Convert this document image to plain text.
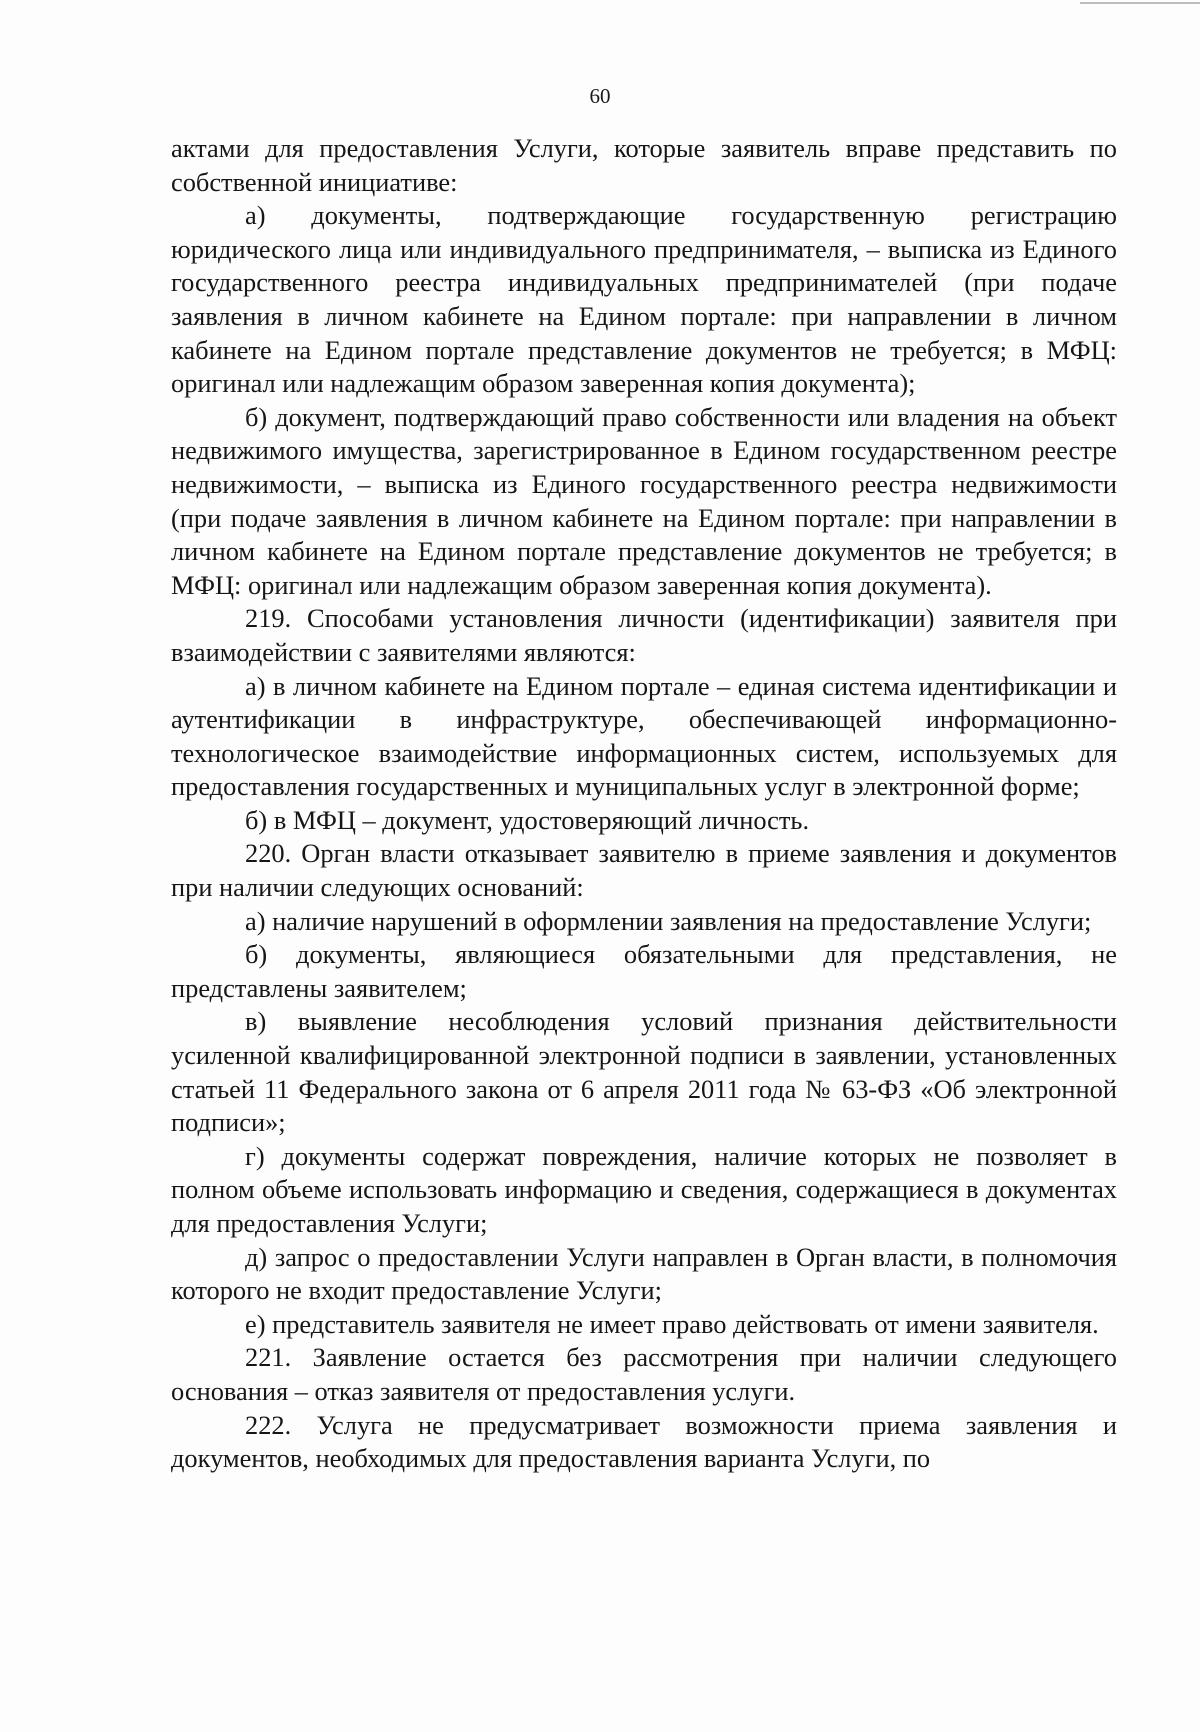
60

актами для предоставления Услуги, которые заявитель вправе представить по собственной инициативе:

а) документы, подтверждающие государственную регистрацию юридического лица или индивидуального предпринимателя, – выписка из Единого государственного реестра индивидуальных предпринимателей (при подаче заявления в личном кабинете на Едином портале: при направлении в личном кабинете на Едином портале представление документов не требуется; в МФЦ: оригинал или надлежащим образом заверенная копия документа);

б) документ, подтверждающий право собственности или владения на объект недвижимого имущества, зарегистрированное в Едином государственном реестре недвижимости, – выписка из Единого государственного реестра недвижимости (при подаче заявления в личном кабинете на Едином портале: при направлении в личном кабинете на Едином портале представление документов не требуется; в МФЦ: оригинал или надлежащим образом заверенная копия документа).

219. Способами установления личности (идентификации) заявителя при взаимодействии с заявителями являются:

а) в личном кабинете на Едином портале – единая система идентификации и аутентификации в инфраструктуре, обеспечивающей информационно-технологическое взаимодействие информационных систем, используемых для предоставления государственных и муниципальных услуг в электронной форме;

б) в МФЦ – документ, удостоверяющий личность.

220. Орган власти отказывает заявителю в приеме заявления и документов при наличии следующих оснований:

а) наличие нарушений в оформлении заявления на предоставление Услуги;

б) документы, являющиеся обязательными для представления, не представлены заявителем;

в) выявление несоблюдения условий признания действительности усиленной квалифицированной электронной подписи в заявлении, установленных статьей 11 Федерального закона от 6 апреля 2011 года № 63-ФЗ «Об электронной подписи»;

г) документы содержат повреждения, наличие которых не позволяет в полном объеме использовать информацию и сведения, содержащиеся в документах для предоставления Услуги;

д) запрос о предоставлении Услуги направлен в Орган власти, в полномочия которого не входит предоставление Услуги;

е) представитель заявителя не имеет право действовать от имени заявителя.

221. Заявление остается без рассмотрения при наличии следующего основания – отказ заявителя от предоставления услуги.

222. Услуга не предусматривает возможности приема заявления и документов, необходимых для предоставления варианта Услуги, по
